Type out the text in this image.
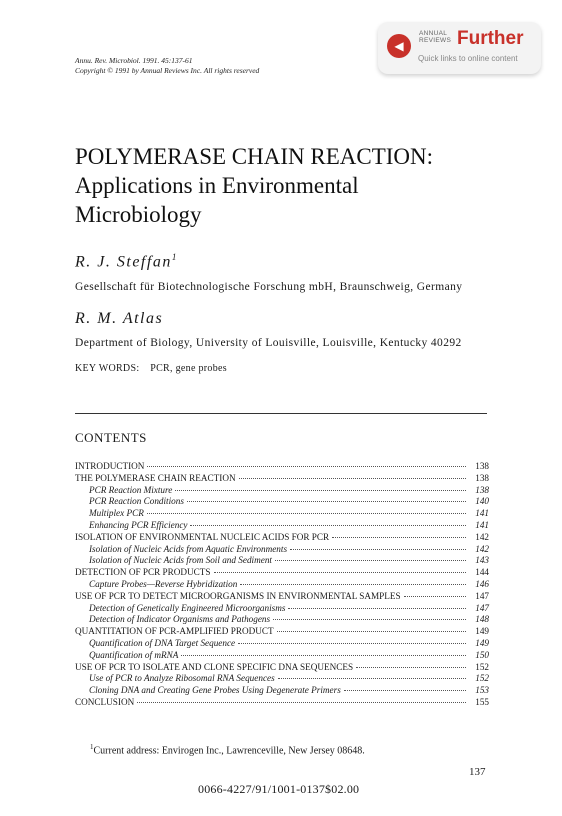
Annu. Rev. Microbiol. 1991. 45:137-61
Copyright © 1991 by Annual Reviews Inc. All rights reserved
◀
ANNUAL
REVIEWS Further
Quick links to online content
POLYMERASE CHAIN REACTION:
Applications in Environmental
Microbiology
R. J. Steffan$^1$
Gesellschaft für Biotechnologische Forschung mbH, Braunschweig, Germany
R. M. Atlas
Department of Biology, University of Louisville, Louisville, Kentucky 40292
KEY WORDS: PCR, gene probes
CONTENTS
INTRODUCTION	138
THE POLYMERASE CHAIN REACTION	138
PCR Reaction Mixture	138
PCR Reaction Conditions	140
Multiplex PCR	141
Enhancing PCR Efficiency	141
ISOLATION OF ENVIRONMENTAL NUCLEIC ACIDS FOR PCR	142
Isolation of Nucleic Acids from Aquatic Environments	142
Isolation of Nucleic Acids from Soil and Sediment	143
DETECTION OF PCR PRODUCTS	144
Capture Probes—Reverse Hybridization	146
USE OF PCR TO DETECT MICROORGANISMS IN ENVIRONMENTAL SAMPLES	147
Detection of Genetically Engineered Microorganisms	147
Detection of Indicator Organisms and Pathogens	148
QUANTITATION OF PCR-AMPLIFIED PRODUCT	149
Quantification of DNA Target Sequence	149
Quantification of mRNA	150
USE OF PCR TO ISOLATE AND CLONE SPECIFIC DNA SEQUENCES	152
Use of PCR to Analyze Ribosomal RNA Sequences	152
Cloning DNA and Creating Gene Probes Using Degenerate Primers	153
CONCLUSION	155
$^1$Current address: Envirogen Inc., Lawrenceville, New Jersey 08648.
137
0066-4227/91/1001-0137$02.00
